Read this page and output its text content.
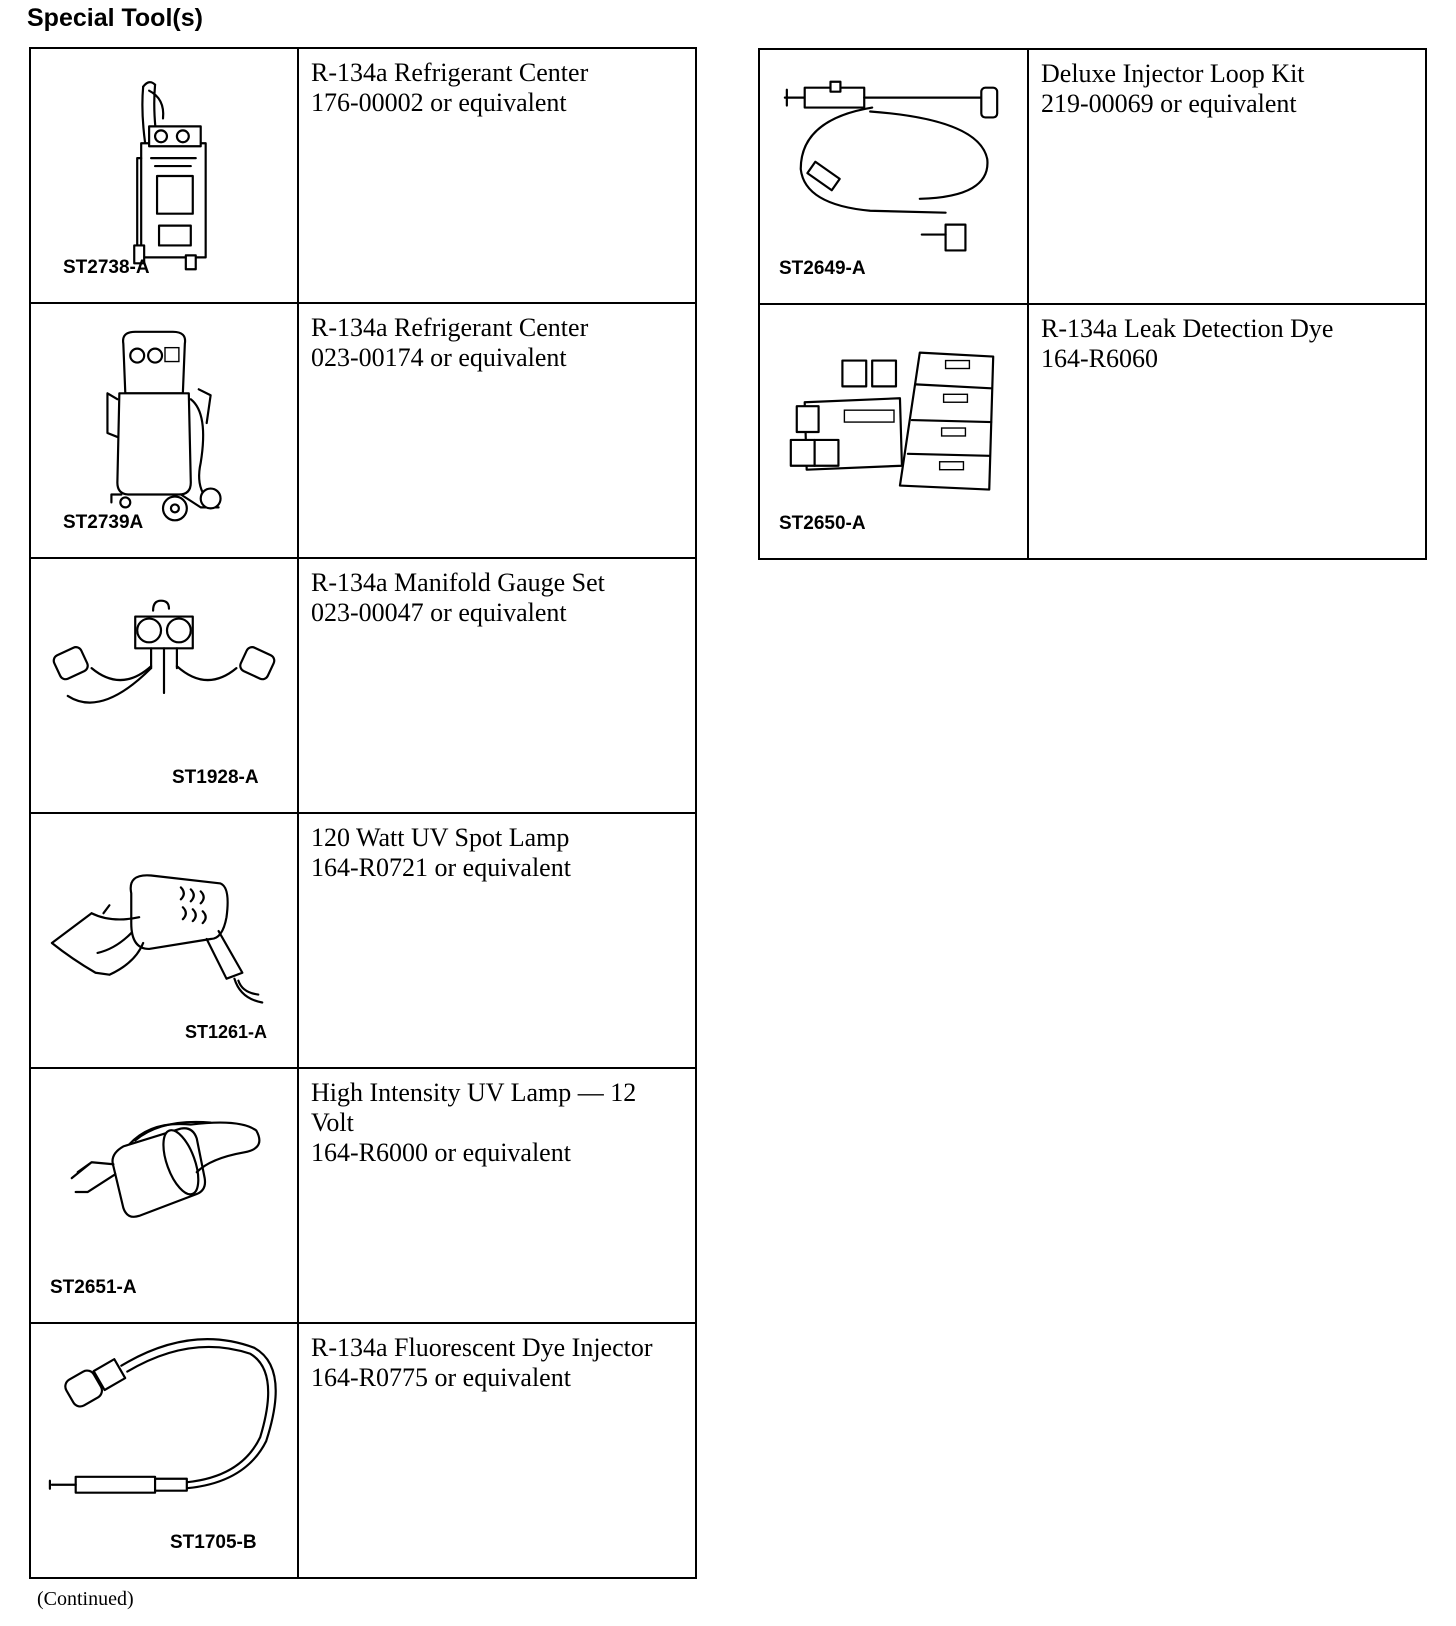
Special Tool(s)
ST2738-A	R-134a Refrigerant Center
176-00002 or equivalent

ST2739A	R-134a Refrigerant Center
023-00174 or equivalent

ST1928-A	R-134a Manifold Gauge Set
023-00047 or equivalent

ST1261-A	120 Watt UV Spot Lamp
164-R0721 or equivalent

ST2651-A	High Intensity UV Lamp — 12
Volt
164-R6000 or equivalent

ST1705-B	R-134a Fluorescent Dye Injector
164-R0775 or equivalent
ST2649-A	Deluxe Injector Loop Kit
219-00069 or equivalent

ST2650-A	R-134a Leak Detection Dye
164-R6060
(Continued)
